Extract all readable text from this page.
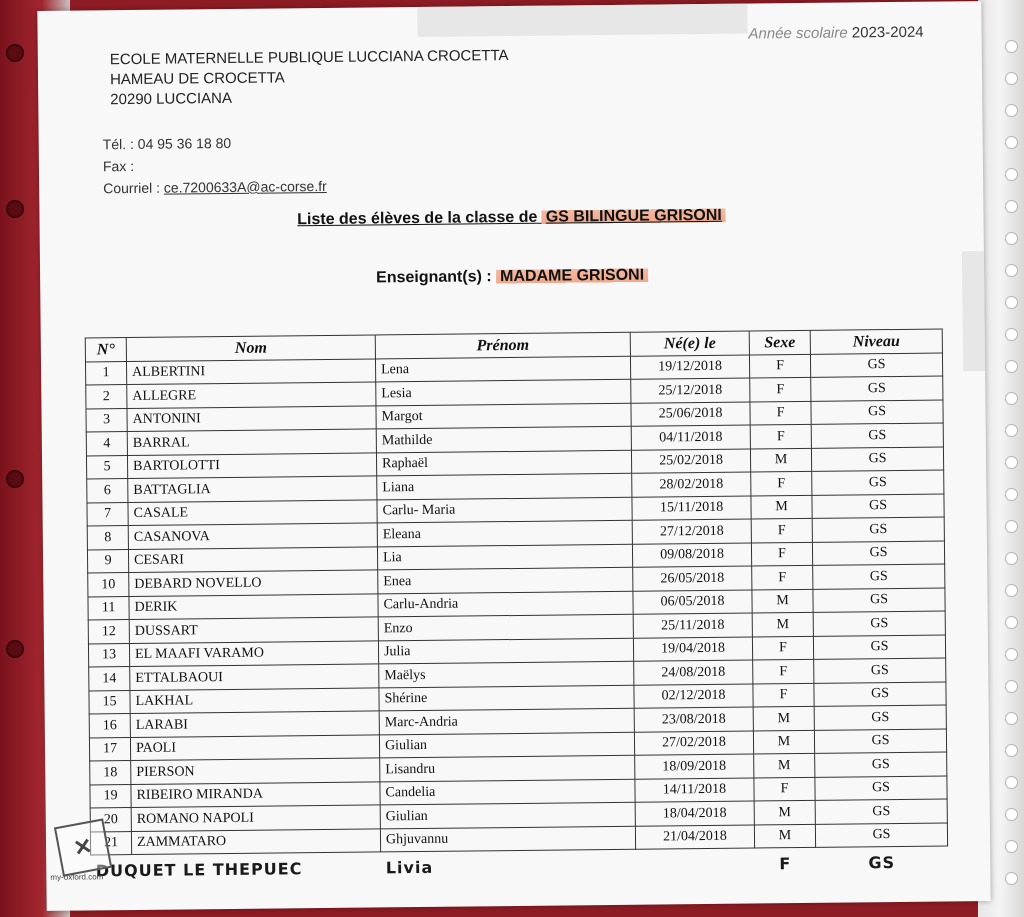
ECOLE MATERNELLE PUBLIQUE LUCCIANA CROCETTA
HAMEAU DE CROCETTA
20290 LUCCIANA
Année scolaire 2023-2024
Tél. : 04 95 36 18 80
Fax :
Courriel : ce.7200633A@ac-corse.fr
Liste des élèves de la classe de GS BILINGUE GRISONI
Enseignant(s) : MADAME GRISONI
N°	Nom	Prénom	Né(e) le	Sexe	Niveau
1	ALBERTINI	Lena	19/12/2018	F	GS
2	ALLEGRE	Lesia	25/12/2018	F	GS
3	ANTONINI	Margot	25/06/2018	F	GS
4	BARRAL	Mathilde	04/11/2018	F	GS
5	BARTOLOTTI	Raphaël	25/02/2018	M	GS
6	BATTAGLIA	Liana	28/02/2018	F	GS
7	CASALE	Carlu- Maria	15/11/2018	M	GS
8	CASANOVA	Eleana	27/12/2018	F	GS
9	CESARI	Lia	09/08/2018	F	GS
10	DEBARD NOVELLO	Enea	26/05/2018	F	GS
11	DERIK	Carlu-Andria	06/05/2018	M	GS
12	DUSSART	Enzo	25/11/2018	M	GS
13	EL MAAFI VARAMO	Julia	19/04/2018	F	GS
14	ETTALBAOUI	Maëlys	24/08/2018	F	GS
15	LAKHAL	Shérine	02/12/2018	F	GS
16	LARABI	Marc-Andria	23/08/2018	M	GS
17	PAOLI	Giulian	27/02/2018	M	GS
18	PIERSON	Lisandru	18/09/2018	M	GS
19	RIBEIRO MIRANDA	Candelia	14/11/2018	F	GS
20	ROMANO NAPOLI	Giulian	18/04/2018	M	GS
21	ZAMMATARO	Ghjuvannu	21/04/2018	M	GS
DUQUET LE THEPUEC		Livia		F	GS
✕
my-oxford.com
